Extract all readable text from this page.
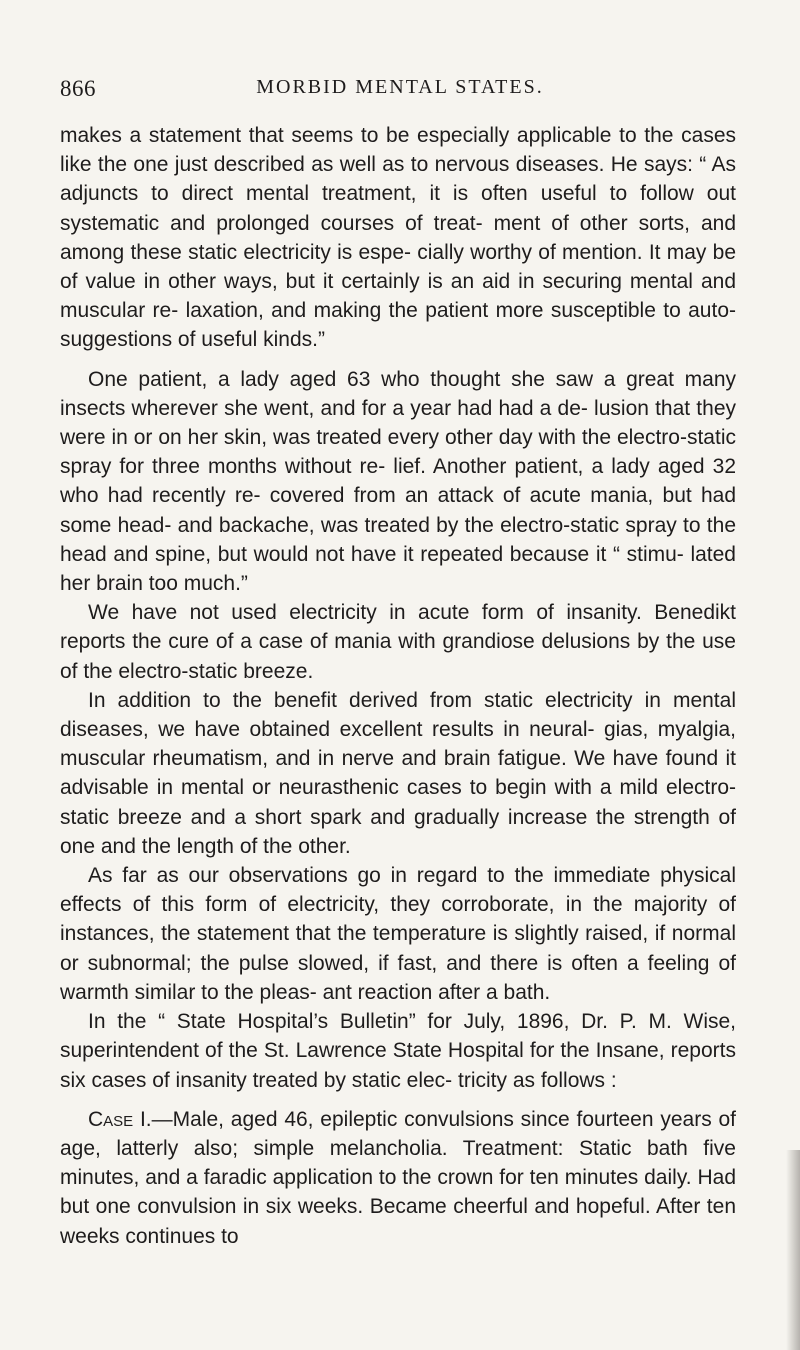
866	MORBID MENTAL STATES.

makes a statement that seems to be especially applicable to the cases like the one just described as well as to nervous diseases. He says: “ As adjuncts to direct mental treatment, it is often useful to follow out systematic and prolonged courses of treat- ment of other sorts, and among these static electricity is espe- cially worthy of mention. It may be of value in other ways, but it certainly is an aid in securing mental and muscular re- laxation, and making the patient more susceptible to auto- suggestions of useful kinds.”

One patient, a lady aged 63 who thought she saw a great many insects wherever she went, and for a year had had a de- lusion that they were in or on her skin, was treated every other day with the electro-static spray for three months without re- lief. Another patient, a lady aged 32 who had recently re- covered from an attack of acute mania, but had some head- and backache, was treated by the electro-static spray to the head and spine, but would not have it repeated because it “ stimu- lated her brain too much.”

We have not used electricity in acute form of insanity. Benedikt reports the cure of a case of mania with grandiose delusions by the use of the electro-static breeze.

In addition to the benefit derived from static electricity in mental diseases, we have obtained excellent results in neural- gias, myalgia, muscular rheumatism, and in nerve and brain fatigue. We have found it advisable in mental or neurasthenic cases to begin with a mild electro-static breeze and a short spark and gradually increase the strength of one and the length of the other.

As far as our observations go in regard to the immediate physical effects of this form of electricity, they corroborate, in the majority of instances, the statement that the temperature is slightly raised, if normal or subnormal; the pulse slowed, if fast, and there is often a feeling of warmth similar to the pleas- ant reaction after a bath.

In the “ State Hospital’s Bulletin” for July, 1896, Dr. P. M. Wise, superintendent of the St. Lawrence State Hospital for the Insane, reports six cases of insanity treated by static elec- tricity as follows :

Case I.—Male, aged 46, epileptic convulsions since fourteen years of age, latterly also; simple melancholia. Treatment: Static bath five minutes, and a faradic application to the crown for ten minutes daily. Had but one convulsion in six weeks. Became cheerful and hopeful. After ten weeks continues to
